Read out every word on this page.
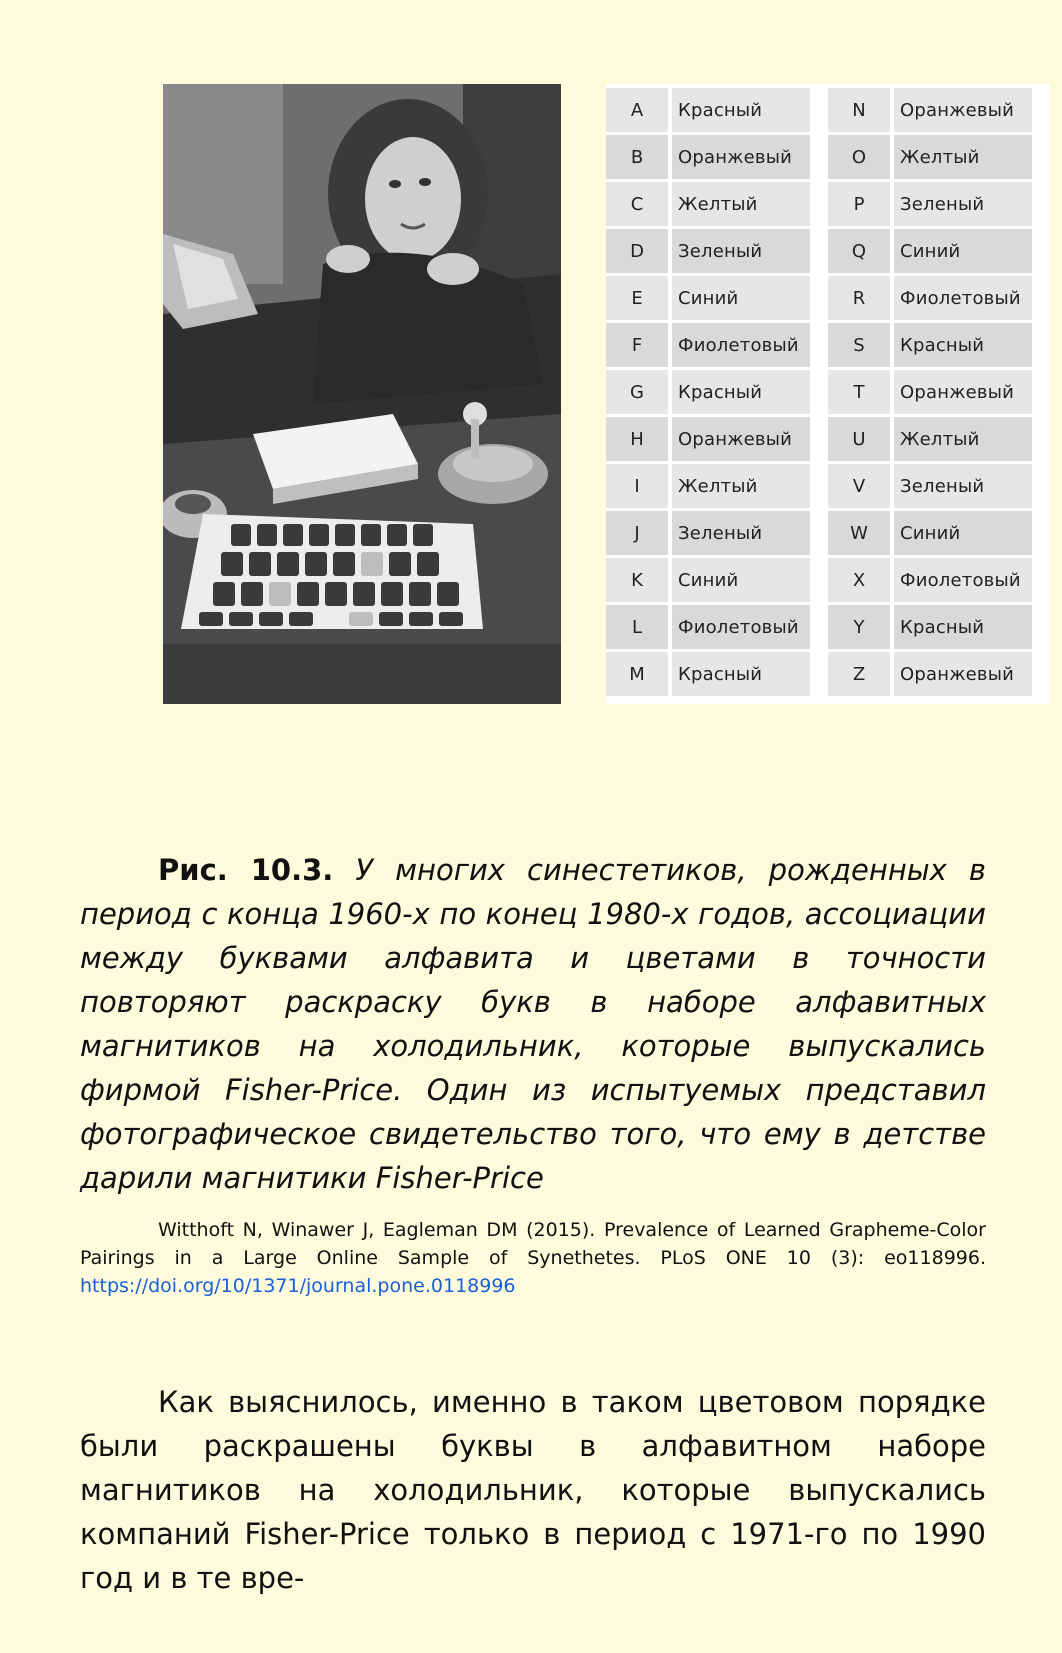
A	Красный
B	Оранжевый
C	Желтый
D	Зеленый
E	Синий
F	Фиолетовый
G	Красный
H	Оранжевый
I	Желтый
J	Зеленый
K	Синий
L	Фиолетовый
M	Красный
N	Оранжевый
O	Желтый
P	Зеленый
Q	Синий
R	Фиолетовый
S	Красный
T	Оранжевый
U	Желтый
V	Зеленый
W	Синий
X	Фиолетовый
Y	Красный
Z	Оранжевый

Рис. 10.3. У многих синестетиков, рожденных в период с конца 1960-х по конец 1980-х годов, ассоциации между буквами алфавита и цветами в точности повторяют раскраску букв в наборе алфавитных магнитиков на холодильник, которые выпускались фирмой Fisher-Price. Один из испытуемых представил фотографическое свидетельство того, что ему в детстве дарили магнитики Fisher-Price

Witthoft N, Winawer J, Eagleman DM (2015). Prevalence of Learned Grapheme-Color Pairings in a Large Online Sample of Synethetes. PLoS ONE 10 (3): eo118996. https://doi.org/10/1371/journal.pone.0118996

Как выяснилось, именно в таком цветовом порядке были раскрашены буквы в алфавитном наборе магнитиков на холодильник, которые выпускались компаний Fisher-Price только в период с 1971-го по 1990 год и в те вре-
